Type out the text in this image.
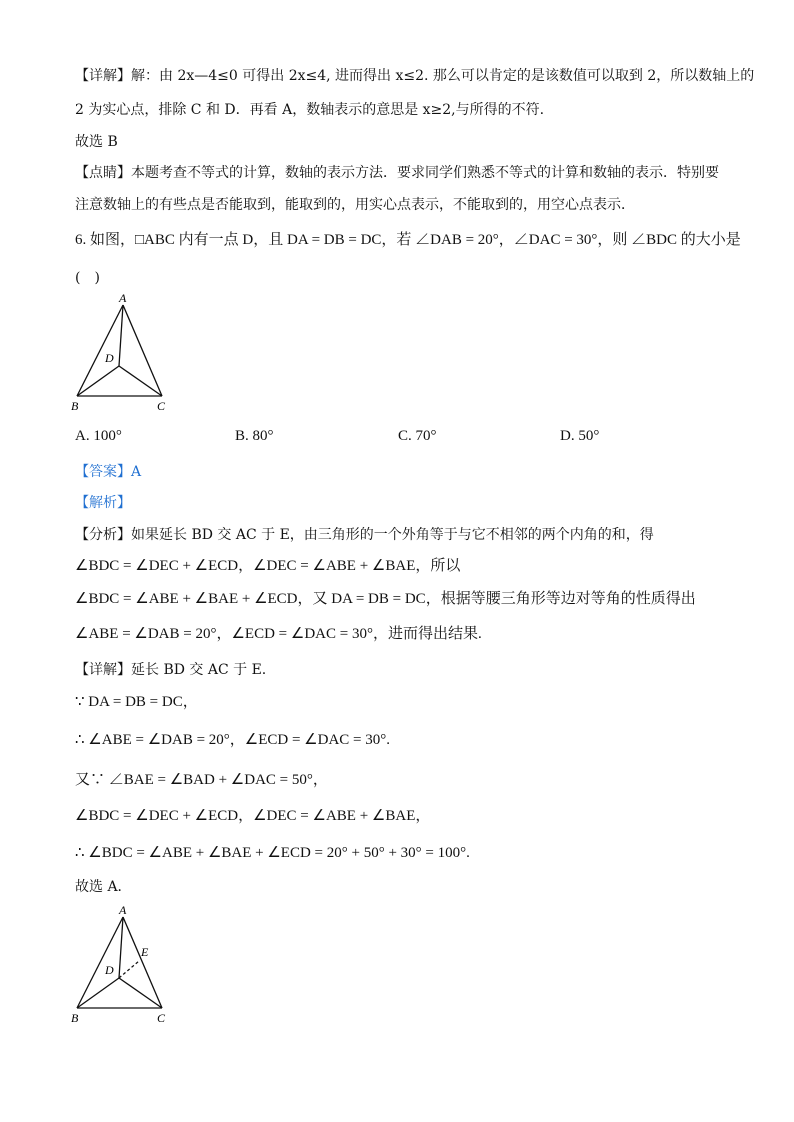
【详解】解：由 2x—4≤0 可得出 2x≤4, 进而得出 x≤2. 那么可以肯定的是该数值可以取到 2，所以数轴上的
2 为实心点，排除 C 和 D．再看 A，数轴表示的意思是 x≥2,与所得的不符.
故选 B
【点睛】本题考查不等式的计算，数轴的表示方法．要求同学们熟悉不等式的计算和数轴的表示．特别要
注意数轴上的有些点是否能取到，能取到的，用实心点表示，不能取到的，用空心点表示．
6. 如图，□ABC 内有一点 D，且 DA = DB = DC，若 ∠DAB = 20°，∠DAC = 30°，则 ∠BDC 的大小是
(　)
A
D
B	C
A. 100°	B. 80°	C. 70°	D. 50°
【答案】A
【解析】
【分析】如果延长 BD 交 AC 于 E，由三角形的一个外角等于与它不相邻的两个内角的和，得
∠BDC = ∠DEC + ∠ECD，∠DEC = ∠ABE + ∠BAE，所以
∠BDC = ∠ABE + ∠BAE + ∠ECD，又 DA = DB = DC，根据等腰三角形等边对等角的性质得出
∠ABE = ∠DAB = 20°，∠ECD = ∠DAC = 30°，进而得出结果.
【详解】延长 BD 交 AC 于 E.
∵ DA = DB = DC，
∴ ∠ABE = ∠DAB = 20°，∠ECD = ∠DAC = 30°.
又∵ ∠BAE = ∠BAD + ∠DAC = 50°，
∠BDC = ∠DEC + ∠ECD，∠DEC = ∠ABE + ∠BAE，
∴ ∠BDC = ∠ABE + ∠BAE + ∠ECD = 20° + 50° + 30° = 100°.
故选 A．
A
E
D
B	C
